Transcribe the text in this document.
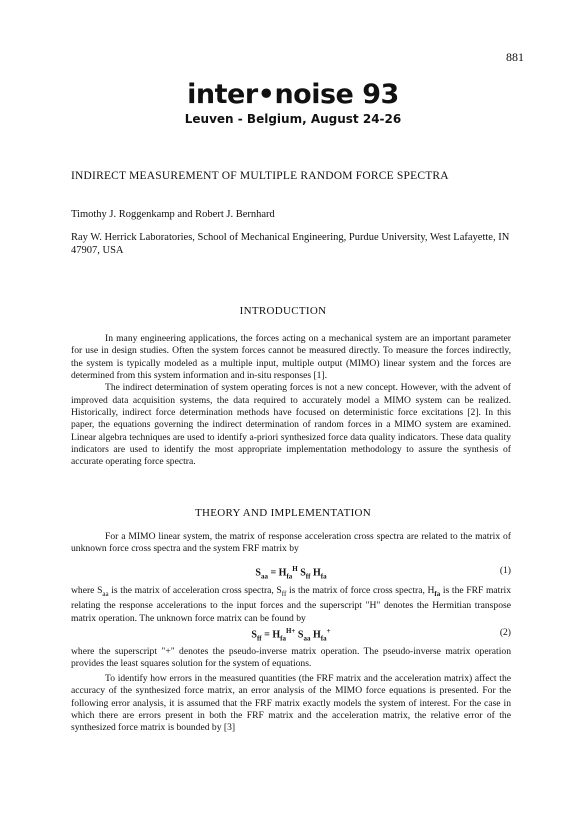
881
inter•noise 93
Leuven - Belgium, August 24-26
INDIRECT MEASUREMENT OF MULTIPLE RANDOM FORCE SPECTRA
Timothy J. Roggenkamp and Robert J. Bernhard
Ray W. Herrick Laboratories, School of Mechanical Engineering, Purdue University, West Lafayette, IN 47907, USA
INTRODUCTION

In many engineering applications, the forces acting on a mechanical system are an important parameter for use in design studies. Often the system forces cannot be measured directly. To measure the forces indirectly, the system is typically modeled as a multiple input, multiple output (MIMO) linear system and the forces are determined from this system information and in-situ responses [1].

The indirect determination of system operating forces is not a new concept. However, with the advent of improved data acquisition systems, the data required to accurately model a MIMO system can be realized. Historically, indirect force determination methods have focused on deterministic force excitations [2]. In this paper, the equations governing the indirect determination of random forces in a MIMO system are examined. Linear algebra techniques are used to identify a-priori synthesized force data quality indicators. These data quality indicators are used to identify the most appropriate implementation methodology to assure the synthesis of accurate operating force spectra.

THEORY AND IMPLEMENTATION

For a MIMO linear system, the matrix of response acceleration cross spectra are related to the matrix of unknown force cross spectra and the system FRF matrix by

$S_{aa} = H_{fa}^H$ $S_{ff}$ $H_{fa}$
(1)

where $S_{aa}$ is the matrix of acceleration cross spectra, $S_{ff}$ is the matrix of force cross spectra, $H_{fa}$ is the FRF matrix relating the response accelerations to the input forces and the superscript "H" denotes the Hermitian transpose matrix operation. The unknown force matrix can be found by

$S_{ff} = H_{fa}^{H+}$ $S_{aa}$ $H_{fa}^+$	(2)

where the superscript "+" denotes the pseudo-inverse matrix operation. The pseudo-inverse matrix operation provides the least squares solution for the system of equations.

To identify how errors in the measured quantities (the FRF matrix and the acceleration matrix) affect the accuracy of the synthesized force matrix, an error analysis of the MIMO force equations is presented. For the following error analysis, it is assumed that the FRF matrix exactly models the system of interest. For the case in which there are errors present in both the FRF matrix and the acceleration matrix, the relative error of the synthesized force matrix is bounded by [3]
